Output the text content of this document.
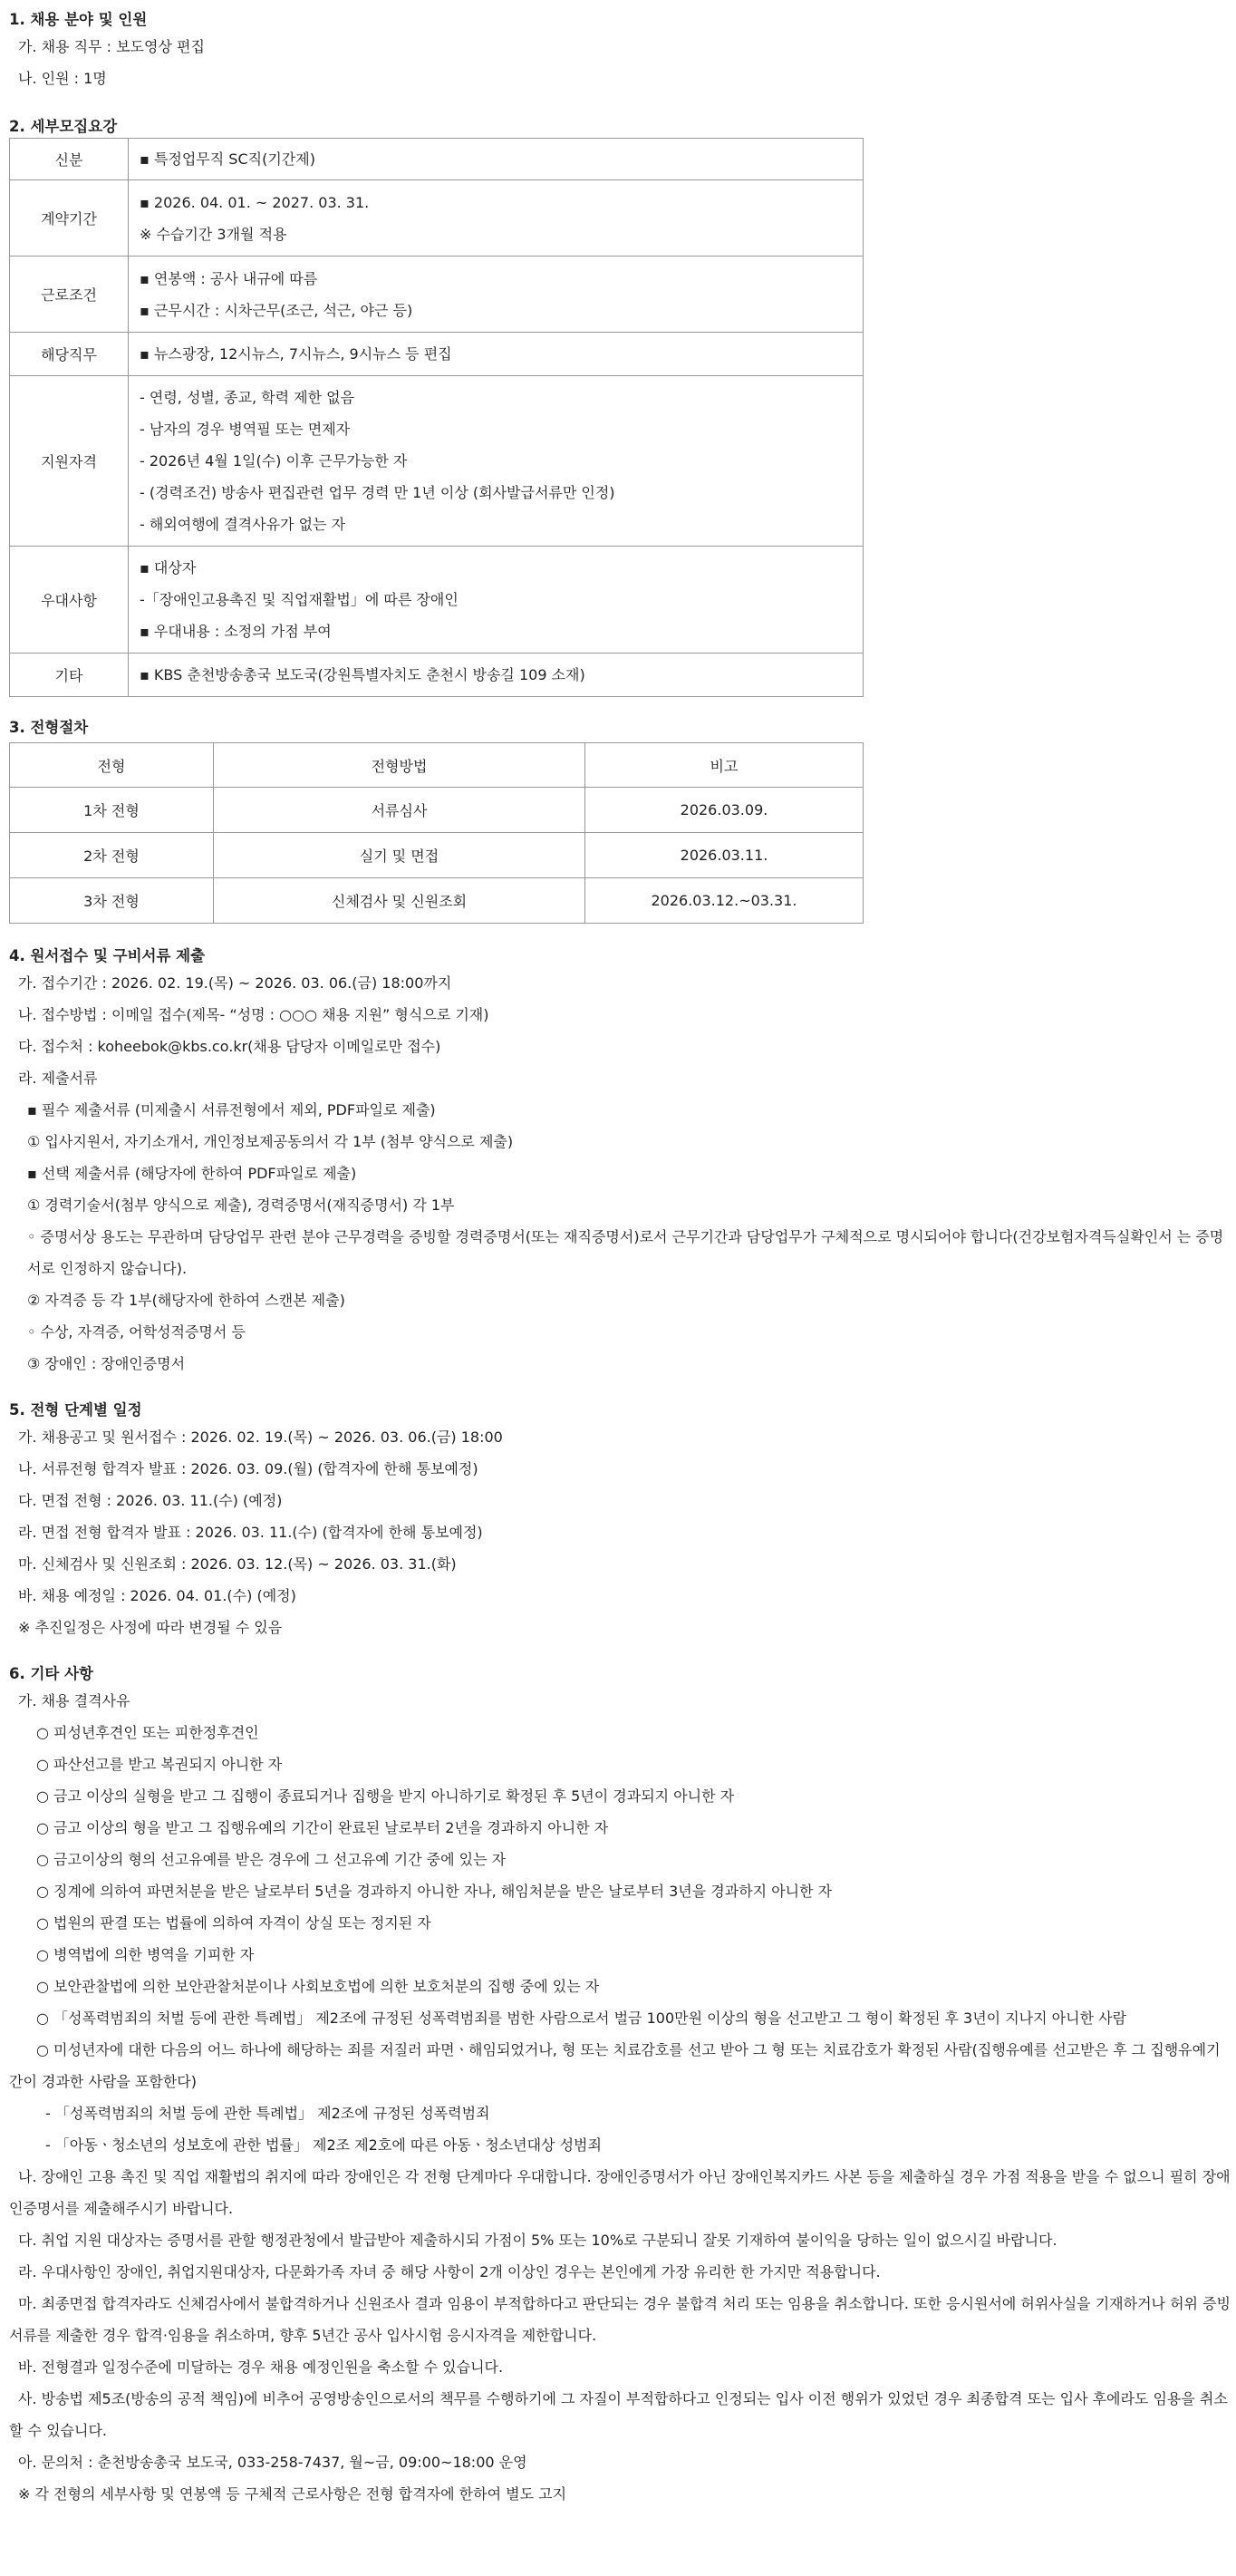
1. 채용 분야 및 인원
가. 채용 직무 : 보도영상 편집
나. 인원 : 1명
2. 세부모집요강
신분	▪ 특정업무직 SC직(기간제)

계약기간	▪ 2026. 04. 01. ~ 2027. 03. 31.
※ 수습기간 3개월 적용

근로조건	▪ 연봉액 : 공사 내규에 따름
▪ 근무시간 : 시차근무(조근, 석근, 야근 등)

해당직무	▪ 뉴스광장, 12시뉴스, 7시뉴스, 9시뉴스 등 편집

지원자격	- 연령, 성별, 종교, 학력 제한 없음
- 남자의 경우 병역필 또는 면제자
- 2026년 4월 1일(수) 이후 근무가능한 자
- (경력조건) 방송사 편집관련 업무 경력 만 1년 이상 (회사발급서류만 인정)
- 해외여행에 결격사유가 없는 자

우대사항	▪ 대상자
-「장애인고용촉진 및 직업재활법」에 따른 장애인
▪ 우대내용 : 소정의 가점 부여

기타	▪ KBS 춘천방송총국 보도국(강원특별자치도 춘천시 방송길 109 소재)
3. 전형절차
전형	전형방법	비고
1차 전형	서류심사	2026.03.09.
2차 전형	실기 및 면접	2026.03.11.
3차 전형	신체검사 및 신원조회	2026.03.12.~03.31.
4. 원서접수 및 구비서류 제출
가. 접수기간 : 2026. 02. 19.(목) ~ 2026. 03. 06.(금) 18:00까지
나. 접수방법 : 이메일 접수(제목- “성명 : ○○○ 채용 지원” 형식으로 기재)
다. 접수처 : koheebok@kbs.co.kr(채용 담당자 이메일로만 접수)
라. 제출서류
▪ 필수 제출서류 (미제출시 서류전형에서 제외, PDF파일로 제출)
① 입사지원서, 자기소개서, 개인정보제공동의서 각 1부 (첨부 양식으로 제출)
▪ 선택 제출서류 (해당자에 한하여 PDF파일로 제출)
① 경력기술서(첨부 양식으로 제출), 경력증명서(재직증명서) 각 1부
◦ 증명서상 용도는 무관하며 담당업무 관련 분야 근무경력을 증빙할 경력증명서(또는 재직증명서)로서 근무기간과 담당업무가 구체적으로 명시되어야 합니다(건강보험자격득실확인서 는 증명서로 인정하지 않습니다).
② 자격증 등 각 1부(해당자에 한하여 스캔본 제출)
◦ 수상, 자격증, 어학성적증명서 등
③ 장애인 : 장애인증명서
5. 전형 단계별 일정
가. 채용공고 및 원서접수 : 2026. 02. 19.(목) ~ 2026. 03. 06.(금) 18:00
나. 서류전형 합격자 발표 : 2026. 03. 09.(월) (합격자에 한해 통보예정)
다. 면접 전형 : 2026. 03. 11.(수) (예정)
라. 면접 전형 합격자 발표 : 2026. 03. 11.(수) (합격자에 한해 통보예정)
마. 신체검사 및 신원조회 : 2026. 03. 12.(목) ~ 2026. 03. 31.(화)
바. 채용 예정일 : 2026. 04. 01.(수) (예정)
※ 추진일정은 사정에 따라 변경될 수 있음
6. 기타 사항
가. 채용 결격사유
○ 피성년후견인 또는 피한정후견인
○ 파산선고를 받고 복권되지 아니한 자
○ 금고 이상의 실형을 받고 그 집행이 종료되거나 집행을 받지 아니하기로 확정된 후 5년이 경과되지 아니한 자
○ 금고 이상의 형을 받고 그 집행유예의 기간이 완료된 날로부터 2년을 경과하지 아니한 자
○ 금고이상의 형의 선고유예를 받은 경우에 그 선고유예 기간 중에 있는 자
○ 징계에 의하여 파면처분을 받은 날로부터 5년을 경과하지 아니한 자나, 해임처분을 받은 날로부터 3년을 경과하지 아니한 자
○ 법원의 판결 또는 법률에 의하여 자격이 상실 또는 정지된 자
○ 병역법에 의한 병역을 기피한 자
○ 보안관찰법에 의한 보안관찰처분이나 사회보호법에 의한 보호처분의 집행 중에 있는 자
○ 「성폭력범죄의 처벌 등에 관한 특례법」 제2조에 규정된 성폭력범죄를 범한 사람으로서 벌금 100만원 이상의 형을 선고받고 그 형이 확정된 후 3년이 지나지 아니한 사람
○ 미성년자에 대한 다음의 어느 하나에 해당하는 죄를 저질러 파면ㆍ해임되었거나, 형 또는 치료감호를 선고 받아 그 형 또는 치료감호가 확정된 사람(집행유예를 선고받은 후 그 집행유예기간이 경과한 사람을 포함한다)
- 「성폭력범죄의 처벌 등에 관한 특례법」 제2조에 규정된 성폭력범죄
- 「아동ㆍ청소년의 성보호에 관한 법률」 제2조 제2호에 따른 아동ㆍ청소년대상 성범죄
나. 장애인 고용 촉진 및 직업 재활법의 취지에 따라 장애인은 각 전형 단계마다 우대합니다. 장애인증명서가 아닌 장애인복지카드 사본 등을 제출하실 경우 가점 적용을 받을 수 없으니 필히 장애인증명서를 제출해주시기 바랍니다.
다. 취업 지원 대상자는 증명서를 관할 행정관청에서 발급받아 제출하시되 가점이 5% 또는 10%로 구분되니 잘못 기재하여 불이익을 당하는 일이 없으시길 바랍니다.
라. 우대사항인 장애인, 취업지원대상자, 다문화가족 자녀 중 해당 사항이 2개 이상인 경우는 본인에게 가장 유리한 한 가지만 적용합니다.
마. 최종면접 합격자라도 신체검사에서 불합격하거나 신원조사 결과 임용이 부적합하다고 판단되는 경우 불합격 처리 또는 임용을 취소합니다. 또한 응시원서에 허위사실을 기재하거나 허위 증빙서류를 제출한 경우 합격·임용을 취소하며, 향후 5년간 공사 입사시험 응시자격을 제한합니다.
바. 전형결과 일정수준에 미달하는 경우 채용 예정인원을 축소할 수 있습니다.
사. 방송법 제5조(방송의 공적 책임)에 비추어 공영방송인으로서의 책무를 수행하기에 그 자질이 부적합하다고 인정되는 입사 이전 행위가 있었던 경우 최종합격 또는 입사 후에라도 임용을 취소할 수 있습니다.
아. 문의처 : 춘천방송총국 보도국, 033-258-7437, 월~금, 09:00~18:00 운영
※ 각 전형의 세부사항 및 연봉액 등 구체적 근로사항은 전형 합격자에 한하여 별도 고지
